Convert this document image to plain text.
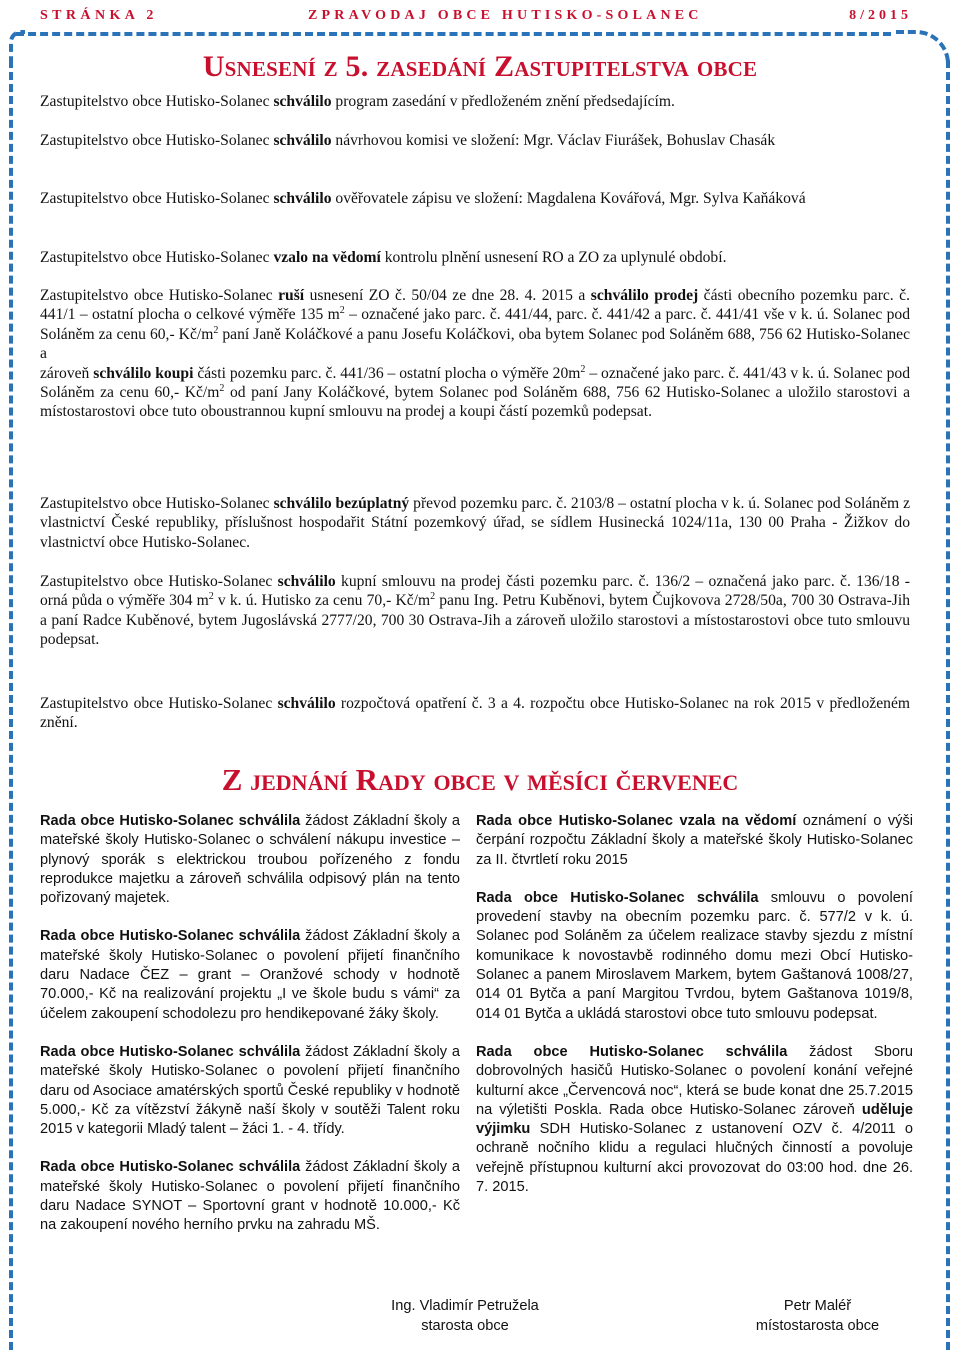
STRÁNKA 2	ZPRAVODAJ OBCE HUTISKO-SOLANEC	8/2015
Usnesení z 5. zasedání Zastupitelstva obce

Zastupitelstvo obce Hutisko-Solanec schválilo program zasedání v předloženém znění předsedajícím.

Zastupitelstvo obce Hutisko-Solanec schválilo návrhovou komisi ve složení: Mgr. Václav Fiurášek, Bohuslav Chasák

Zastupitelstvo obce Hutisko-Solanec schválilo ověřovatele zápisu ve složení: Magdalena Kovářová, Mgr. Sylva Kaňáková

Zastupitelstvo obce Hutisko-Solanec vzalo na vědomí kontrolu plnění usnesení RO a ZO za uplynulé období.

Zastupitelstvo obce Hutisko-Solanec ruší usnesení ZO č. 50/04 ze dne 28. 4. 2015 a schválilo prodej části obecního pozemku parc. č. 441/1 – ostatní plocha o celkové výměře 135 $m^2$ – označené jako parc. č. 441/44, parc. č. 441/42 a parc. č. 441/41 vše v k. ú. Solanec pod Soláněm za cenu 60,- $Kč/m^2$ paní Janě Koláčkové a panu Josefu Koláčkovi, oba bytem Solanec pod Soláněm 688, 756 62 Hutisko-Solanec a
zároveň schválilo koupi části pozemku parc. č. 441/36 – ostatní plocha o výměře $20m^2$ – označené jako parc. č. 441/43 v k. ú. Solanec pod Soláněm za cenu 60,- $Kč/m^2$ od paní Jany Koláčkové, bytem Solanec pod Soláněm 688, 756 62 Hutisko-Solanec a uložilo starostovi a místostarostovi obce tuto oboustrannou kupní smlouvu na prodej a koupi částí pozemků podepsat.

Zastupitelstvo obce Hutisko-Solanec schválilo bezúplatný převod pozemku parc. č. 2103/8 – ostatní plocha v k. ú. Solanec pod Soláněm z vlastnictví České republiky, příslušnost hospodařit Státní pozemkový úřad, se sídlem Husinecká 1024/11a, 130 00 Praha - Žižkov do vlastnictví obce Hutisko-Solanec.

Zastupitelstvo obce Hutisko-Solanec schválilo kupní smlouvu na prodej části pozemku parc. č. 136/2 – označená jako parc. č. 136/18 - orná půda o výměře 304 $m^2$ v k. ú. Hutisko za cenu 70,- $Kč/m^2$ panu Ing. Petru Kuběnovi, bytem Čujkovova 2728/50a, 700 30 Ostrava-Jih a paní Radce Kuběnové, bytem Jugoslávská 2777/20, 700 30 Ostrava-Jih a zároveň uložilo starostovi a místostarostovi obce tuto smlouvu podepsat.

Zastupitelstvo obce Hutisko-Solanec schválilo rozpočtová opatření č. 3 a 4. rozpočtu obce Hutisko-Solanec na rok 2015 v předloženém znění.

Z jednání Rady obce v měsíci červenec

Rada obce Hutisko-Solanec schválila žádost Základní školy a mateřské školy Hutisko-Solanec o schválení nákupu investice – plynový sporák s elektrickou troubou pořízeného z fondu reprodukce majetku a zároveň schválila odpisový plán na tento pořizovaný majetek.

Rada obce Hutisko-Solanec schválila žádost Základní školy a mateřské školy Hutisko-Solanec o povolení přijetí finančního daru Nadace ČEZ – grant – Oranžové schody v hodnotě 70.000,- Kč na realizování projektu „I ve škole budu s vámi“ za účelem zakoupení schodolezu pro hendikepované žáky školy.

Rada obce Hutisko-Solanec schválila žádost Základní školy a mateřské školy Hutisko-Solanec o povolení přijetí finančního daru od Asociace amatérských sportů České republiky v hodnotě 5.000,- Kč za vítězství žákyně naší školy v soutěži Talent roku 2015 v kategorii Mladý talent – žáci 1. - 4. třídy.

Rada obce Hutisko-Solanec schválila žádost Základní školy a mateřské školy Hutisko-Solanec o povolení přijetí finančního daru Nadace SYNOT – Sportovní grant v hodnotě 10.000,- Kč na zakoupení nového herního prvku na zahradu MŠ.

Rada obce Hutisko-Solanec vzala na vědomí oznámení o výši čerpání rozpočtu Základní školy a mateřské školy Hutisko-Solanec za II. čtvrtletí roku 2015

Rada obce Hutisko-Solanec schválila smlouvu o povolení provedení stavby na obecním pozemku parc. č. 577/2 v k. ú. Solanec pod Soláněm za účelem realizace stavby sjezdu z místní komunikace k novostavbě rodinného domu mezi Obcí Hutisko-Solanec a panem Miroslavem Markem, bytem Gaštanová 1008/27, 014 01 Bytča a paní Margitou Tvrdou, bytem Gaštanova 1019/8, 014 01 Bytča a ukládá starostovi obce tuto smlouvu podepsat.

Rada obce Hutisko-Solanec schválila žádost Sboru dobrovolných hasičů Hutisko-Solanec o povolení konání veřejné kulturní akce „Červencová noc“, která se bude konat dne 25.7.2015 na výletišti Poskla. Rada obce Hutisko-Solanec zároveň uděluje výjimku SDH Hutisko-Solanec z ustanovení OZV č. 4/2011 o ochraně nočního klidu a regulaci hlučných činností a povoluje veřejně přístupnou kulturní akci provozovat do 03:00 hod. dne 26. 7. 2015.

Ing. Vladimír Petružela
starosta obce
Petr Maléř
místostarosta obce
